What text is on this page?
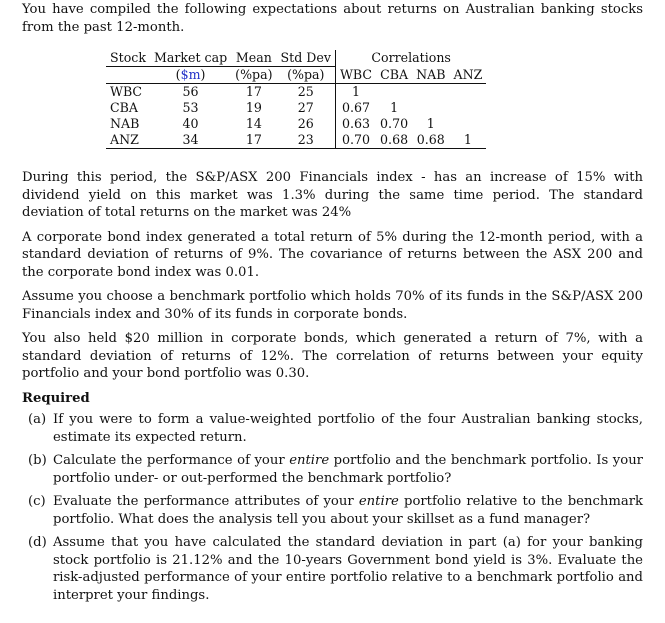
You have compiled the following expectations about returns on Australian banking stocks from the past 12-month.

Stock	Market cap	Mean	Std Dev	Correlations			
	($m)	(%pa)	(%pa)	WBC	CBA	NAB	ANZ
WBC	56	17	25	1			
CBA	53	19	27	0.67	1		
NAB	40	14	26	0.63	0.70	1	
ANZ	34	17	23	0.70	0.68	0.68	1

During this period, the S&P/ASX 200 Financials index - has an increase of 15% with dividend yield on this market was 1.3% during the same time period. The standard deviation of total returns on the market was 24%

A corporate bond index generated a total return of 5% during the 12-month period, with a standard deviation of returns of 9%. The covariance of returns between the ASX 200 and the corporate bond index was 0.01.

Assume you choose a benchmark portfolio which holds 70% of its funds in the S&P/ASX 200 Financials index and 30% of its funds in corporate bonds.

You also held $20 million in corporate bonds, which generated a return of 7%, with a standard deviation of returns of 12%. The correlation of returns between your equity portfolio and your bond portfolio was 0.30.

Required

(a) If you were to form a value-weighted portfolio of the four Australian banking stocks, estimate its expected return.
(b) Calculate the performance of your entire portfolio and the benchmark portfolio. Is your portfolio under- or out-performed the benchmark portfolio?
(c) Evaluate the performance attributes of your entire portfolio relative to the benchmark portfolio. What does the analysis tell you about your skillset as a fund manager?
(d) Assume that you have calculated the standard deviation in part (a) for your banking stock portfolio is 21.12% and the 10-years Government bond yield is 3%. Evaluate the risk-adjusted performance of your entire portfolio relative to a benchmark portfolio and interpret your findings.
